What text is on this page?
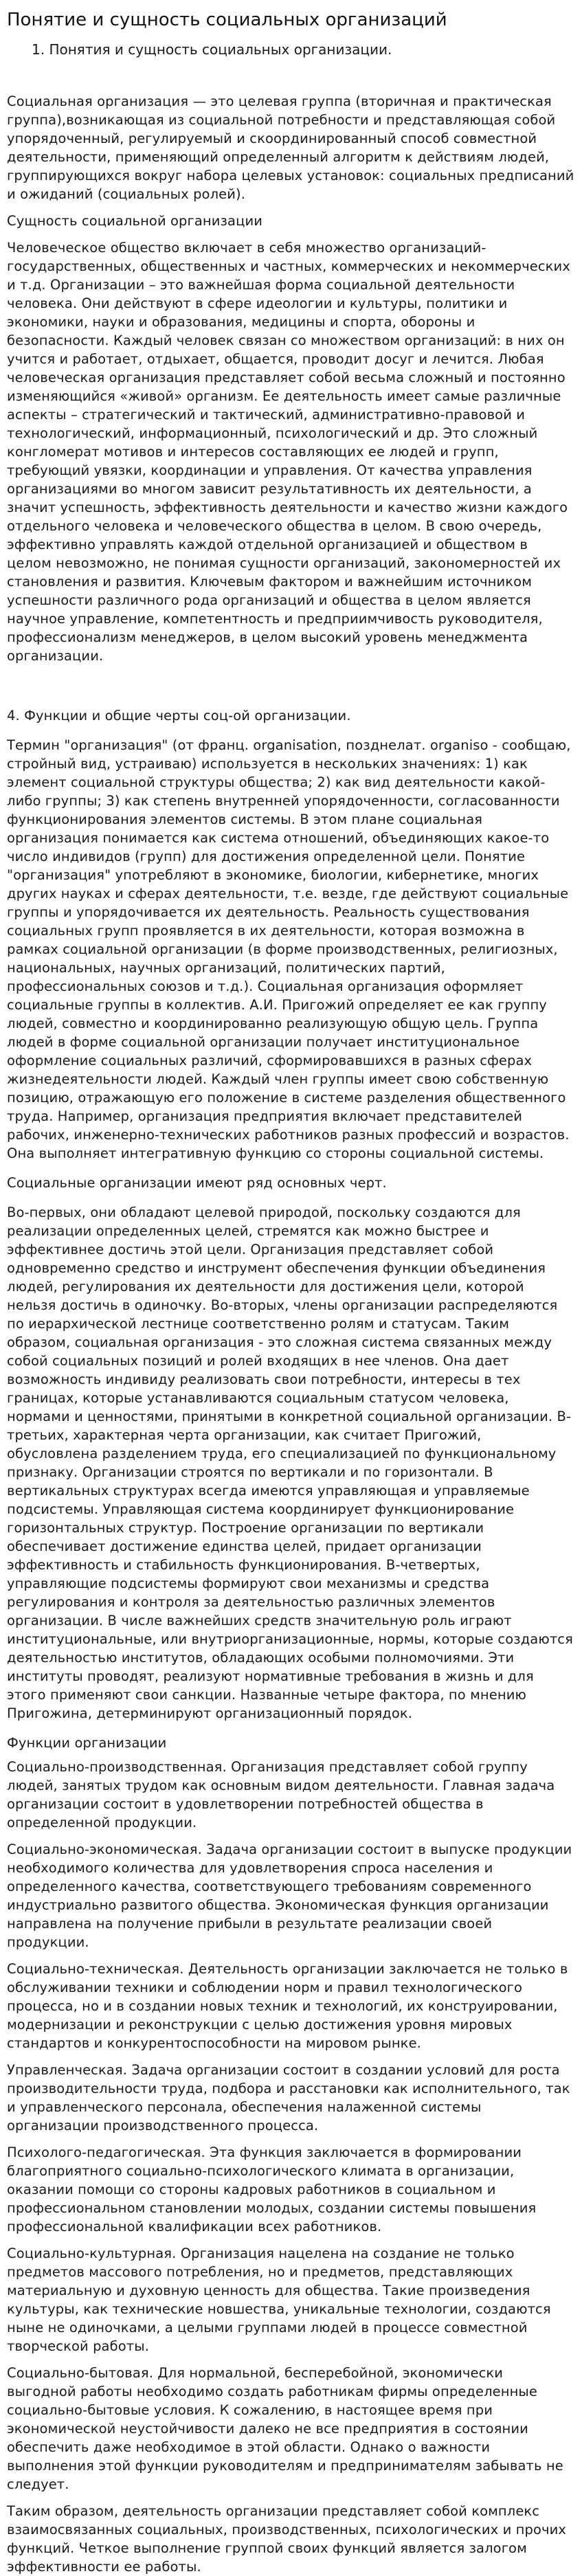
Понятие и сущность социальных организаций
1. Понятия и сущность социальных организации.

Социальная организация — это целевая группа (вторичная и практическая группа),возникающая из социальной потребности и представляющая собой упорядоченный, регулируемый и скоординированный способ совместной деятельности, применяющий определенный алгоритм к действиям людей, группирующихся вокруг набора целевых установок: социальных предписаний и ожиданий (социальных ролей).

Сущность социальной организации

Человеческое общество включает в себя множество организаций- государственных, общественных и частных, коммерческих и некоммерческих и т.д. Организации – это важнейшая форма социальной деятельности человека. Они действуют в сфере идеологии и культуры, политики и экономики, науки и образования, медицины и спорта, обороны и безопасности. Каждый человек связан со множеством организаций: в них он учится и работает, отдыхает, общается, проводит досуг и лечится. Любая человеческая организация представляет собой весьма сложный и постоянно изменяющийся «живой» организм. Ее деятельность имеет самые различные аспекты – стратегический и тактический, административно-правовой и технологический, информационный, психологический и др. Это сложный конгломерат мотивов и интересов составляющих ее людей и групп, требующий увязки, координации и управления. От качества управления организациями во многом зависит результативность их деятельности, а значит успешность, эффективность деятельности и качество жизни каждого отдельного человека и человеческого общества в целом. В свою очередь, эффективно управлять каждой отдельной организацией и обществом в целом невозможно, не понимая сущности организаций, закономерностей их становления и развития. Ключевым фактором и важнейшим источником успешности различного рода организаций и общества в целом является научное управление, компетентность и предприимчивость руководителя, профессионализм менеджеров, в целом высокий уровень менеджмента организации.

4. Функции и общие черты соц-ой организации.

Термин "организация" (от франц. organisation, позднелат. organiso - сообщаю, стройный вид, устраиваю) используется в нескольких значениях: 1) как элемент социальной структуры общества; 2) как вид деятельности какой-либо группы; 3) как степень внутренней упорядоченности, согласованности функционирования элементов системы. В этом плане социальная организация понимается как система отношений, объединяющих какое-то число индивидов (групп) для достижения определенной цели. Понятие "организация" употребляют в экономике, биологии, кибернетике, многих других науках и сферах деятельности, т.е. везде, где действуют социальные группы и упорядочивается их деятельность. Реальность существования социальных групп проявляется в их деятельности, которая возможна в рамках социальной организации (в форме производственных, религиозных, национальных, научных организаций, политических партий, профессиональных союзов и т.д.). Социальная организация оформляет социальные группы в коллектив. А.И. Пригожий определяет ее как группу людей, совместно и координированно реализующую общую цель. Группа людей в форме социальной организации получает институциональное оформление социальных различий, сформировавшихся в разных сферах жизнедеятельности людей. Каждый член группы имеет свою собственную позицию, отражающую его положение в системе разделения общественного труда. Например, организация предприятия включает представителей рабочих, инженерно-технических работников разных профессий и возрастов. Она выполняет интегративную функцию со стороны социальной системы.

Социальные организации имеют ряд основных черт.

Во-первых, они обладают целевой природой, поскольку создаются для реализации определенных целей, стремятся как можно быстрее и эффективнее достичь этой цели. Организация представляет собой одновременно средство и инструмент обеспечения функции объединения людей, регулирования их деятельности для достижения цели, которой нельзя достичь в одиночку. Во-вторых, члены организации распределяются по иерархической лестнице соответственно ролям и статусам. Таким образом, социальная организация - это сложная система связанных между собой социальных позиций и ролей входящих в нее членов. Она дает возможность индивиду реализовать свои потребности, интересы в тех границах, которые устанавливаются социальным статусом человека, нормами и ценностями, принятыми в конкретной социальной организации. В-третьих, характерная черта организации, как считает Пригожий, обусловлена разделением труда, его специализацией по функциональному признаку. Организации строятся по вертикали и по горизонтали. В вертикальных структурах всегда имеются управляющая и управляемые подсистемы. Управляющая система координирует функционирование горизонтальных структур. Построение организации по вертикали обеспечивает достижение единства целей, придает организации эффективность и стабильность функционирования. В-четвертых, управляющие подсистемы формируют свои механизмы и средства регулирования и контроля за деятельностью различных элементов организации. В числе важнейших средств значительную роль играют институциональные, или внутриорганизационные, нормы, которые создаются деятельностью институтов, обладающих особыми полномочиями. Эти институты проводят, реализуют нормативные требования в жизнь и для этого применяют свои санкции. Названные четыре фактора, по мнению Пригожина, детерминируют организационный порядок.

Функции организации

Социально-производственная. Организация представляет собой группу людей, занятых трудом как основным видом деятельности. Главная задача организации состоит в удовлетворении потребностей общества в определенной продукции.

Социально-экономическая. Задача организации состоит в выпуске продукции необходимого количества для удовлетворения спроса населения и определенного качества, соответствующего требованиям современного индустриально развитого общества. Экономическая функция организации направлена на получение прибыли в результате реализации своей продукции.

Социально-техническая. Деятельность организации заключается не только в обслуживании техники и соблюдении норм и правил технологического процесса, но и в создании новых техник и технологий, их конструировании, модернизации и реконструкции с целью достижения уровня мировых стандартов и конкурентоспособности на мировом рынке.

Управленческая. Задача организации состоит в создании условий для роста производительности труда, подбора и расстановки как исполнительного, так и управленческого персонала, обеспечения налаженной системы организации производственного процесса.

Психолого-педагогическая. Эта функция заключается в формировании благоприятного социально-психологического климата в организации, оказании помощи со стороны кадровых работников в социальном и профессиональном становлении молодых, создании системы повышения профессиональной квалификации всех работников.

Социально-культурная. Организация нацелена на создание не только предметов массового потребления, но и предметов, представляющих материальную и духовную ценность для общества. Такие произведения культуры, как технические новшества, уникальные технологии, создаются ныне не одиночками, а целыми группами людей в процессе совместной творческой работы.

Социально-бытовая. Для нормальной, бесперебойной, экономически выгодной работы необходимо создать работникам фирмы определенные социально-бытовые условия. К сожалению, в настоящее время при экономической неустойчивости далеко не все предприятия в состоянии обеспечить даже необходимое в этой области. Однако о важности выполнения этой функции руководителям и предпринимателям забывать не следует.

Таким образом, деятельность организации представляет собой комплекс взаимосвязанных социальных, производственных, психологических и прочих функций. Четкое выполнение группой своих функций является залогом эффективности ее работы.
